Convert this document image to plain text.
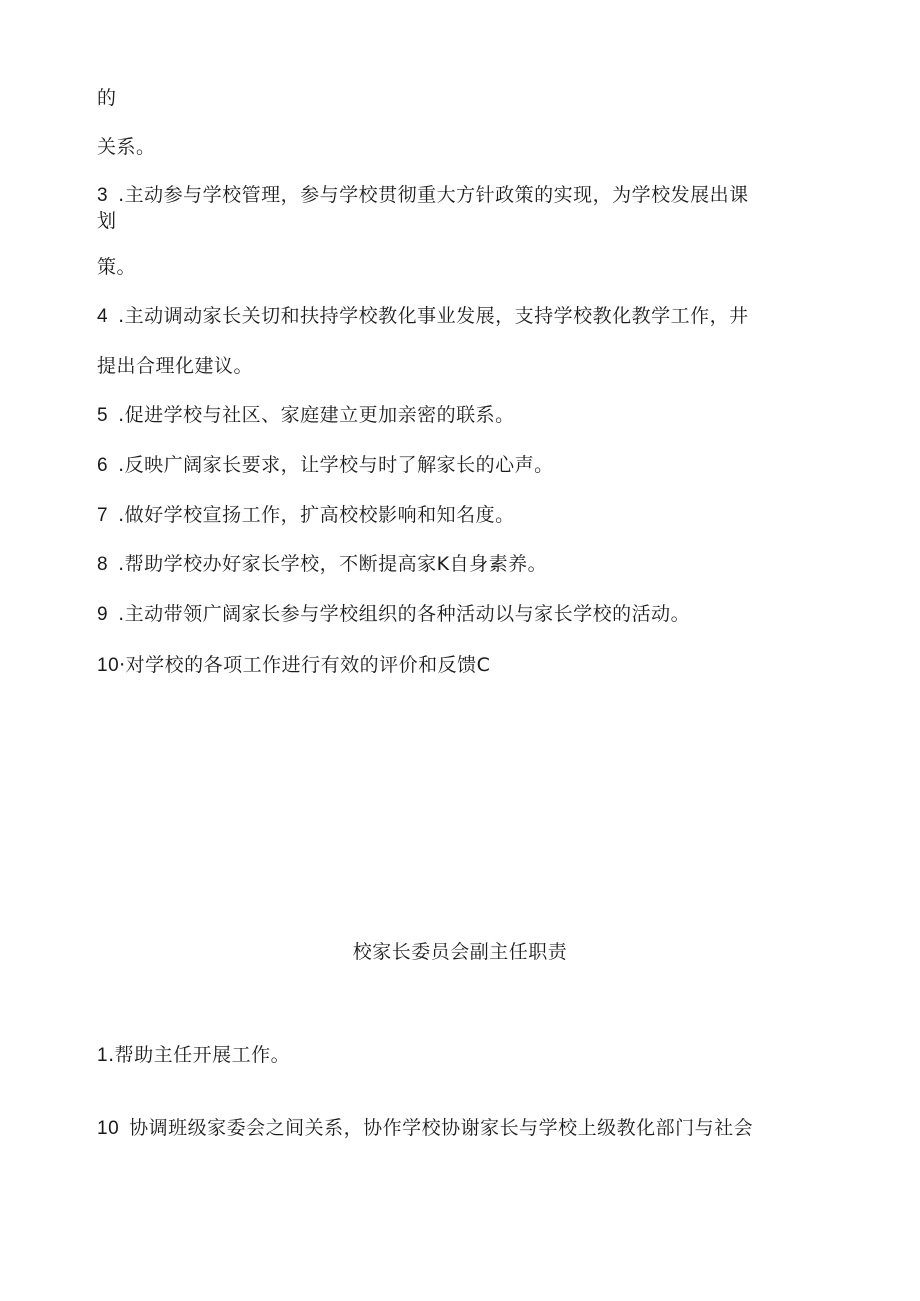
的
关系。
3 .主动参与学校管理，参与学校贯彻重大方针政策的实现，为学校发展出课
划
策。
4 .主动调动家长关切和扶持学校教化事业发展，支持学校教化教学工作，井
提出合理化建议。
5 .促进学校与社区、家庭建立更加亲密的联系。
6 .反映广阔家长要求，让学校与时了解家长的心声。
7 .做好学校宣扬工作，扩高校校影响和知名度。
8 .帮助学校办好家长学校，不断提高家K自身素养。
9 .主动带领广阔家长参与学校组织的各种活动以与家长学校的活动。
10·对学校的各项工作进行有效的评价和反馈C
校家长委员会副主任职责
1.帮助主任开展工作。
10 协调班级家委会之间关系，协作学校协谢家长与学校上级教化部门与社会
